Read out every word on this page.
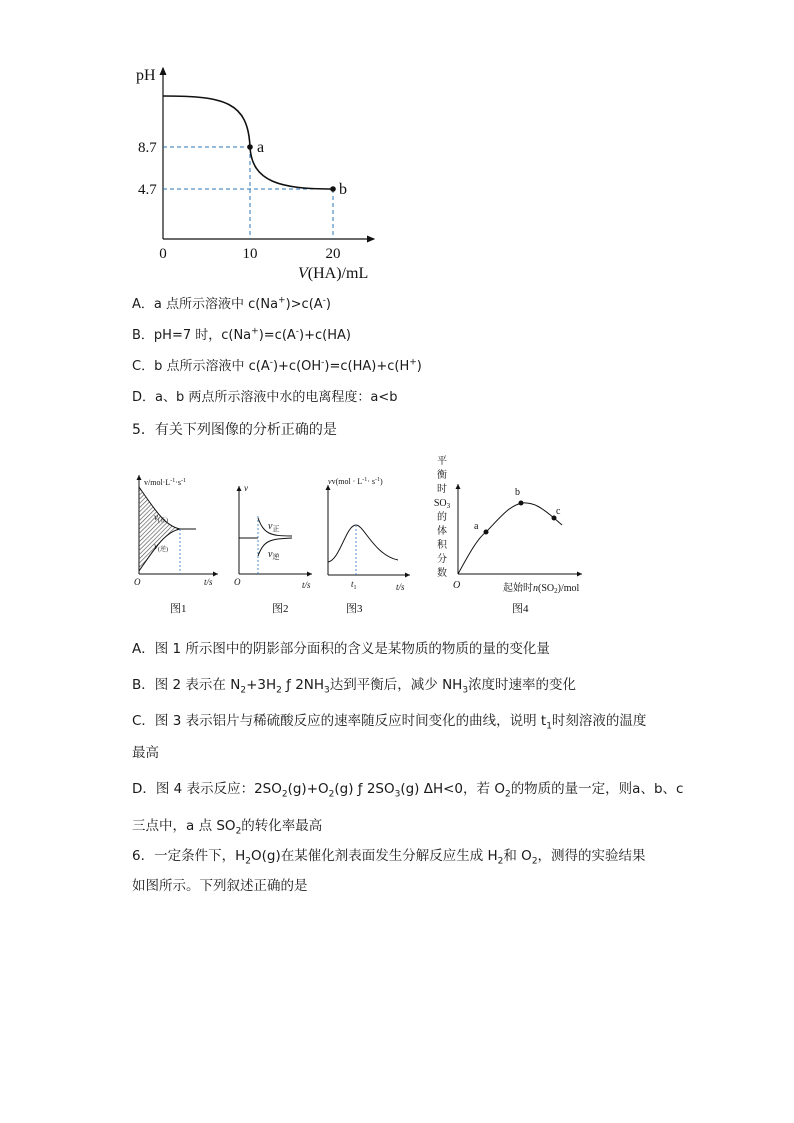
pH
8.7
4.7
0	10	20
a
b
V(HA)/mL
A．a 点所示溶液中 c(Na+)>c(A-)
B．pH=7 时，c(Na+)=c(A-)+c(HA)
C．b 点所示溶液中 c(A-)+c(OH-)=c(HA)+c(H+)
D．a、b 两点所示溶液中水的电离程度：a<b
5．有关下列图像的分析正确的是
$v/mol\cdot L^{-1}\cdot s^{-1}$
$v_{(正)}$
$v_{(逆)}$
O	t/s
图1
v
$v_正$
$v_逆$
O	t/s
图2
$vv(mol \cdot L^{-1}\cdot s^{-1})$
$t_1$	t/s
图3
平
衡
时
$SO_3$
的
体
积
分
数
a
b
c
O	起始时$n(SO_2)$/mol
图4
A．图 1 所示图中的阴影部分面积的含义是某物质的物质的量的变化量
B．图 2 表示在 $N_2+3H_2$ ƒ $2NH_3$达到平衡后，减少 $NH_3$浓度时速率的变化
C．图 3 表示铝片与稀硫酸反应的速率随反应时间变化的曲线，说明 $t_1$时刻溶液的温度
最高
D．图 4 表示反应：$2SO_2(g)+O_2(g)$ ƒ $2SO_3(g)$ ΔH<0，若 $O_2$的物质的量一定，则a、b、c
三点中，a 点 $SO_2$的转化率最高
6．一定条件下，$H_2O(g)$在某催化剂表面发生分解反应生成 $H_2$和 $O_2$，测得的实验结果
如图所示。下列叙述正确的是
